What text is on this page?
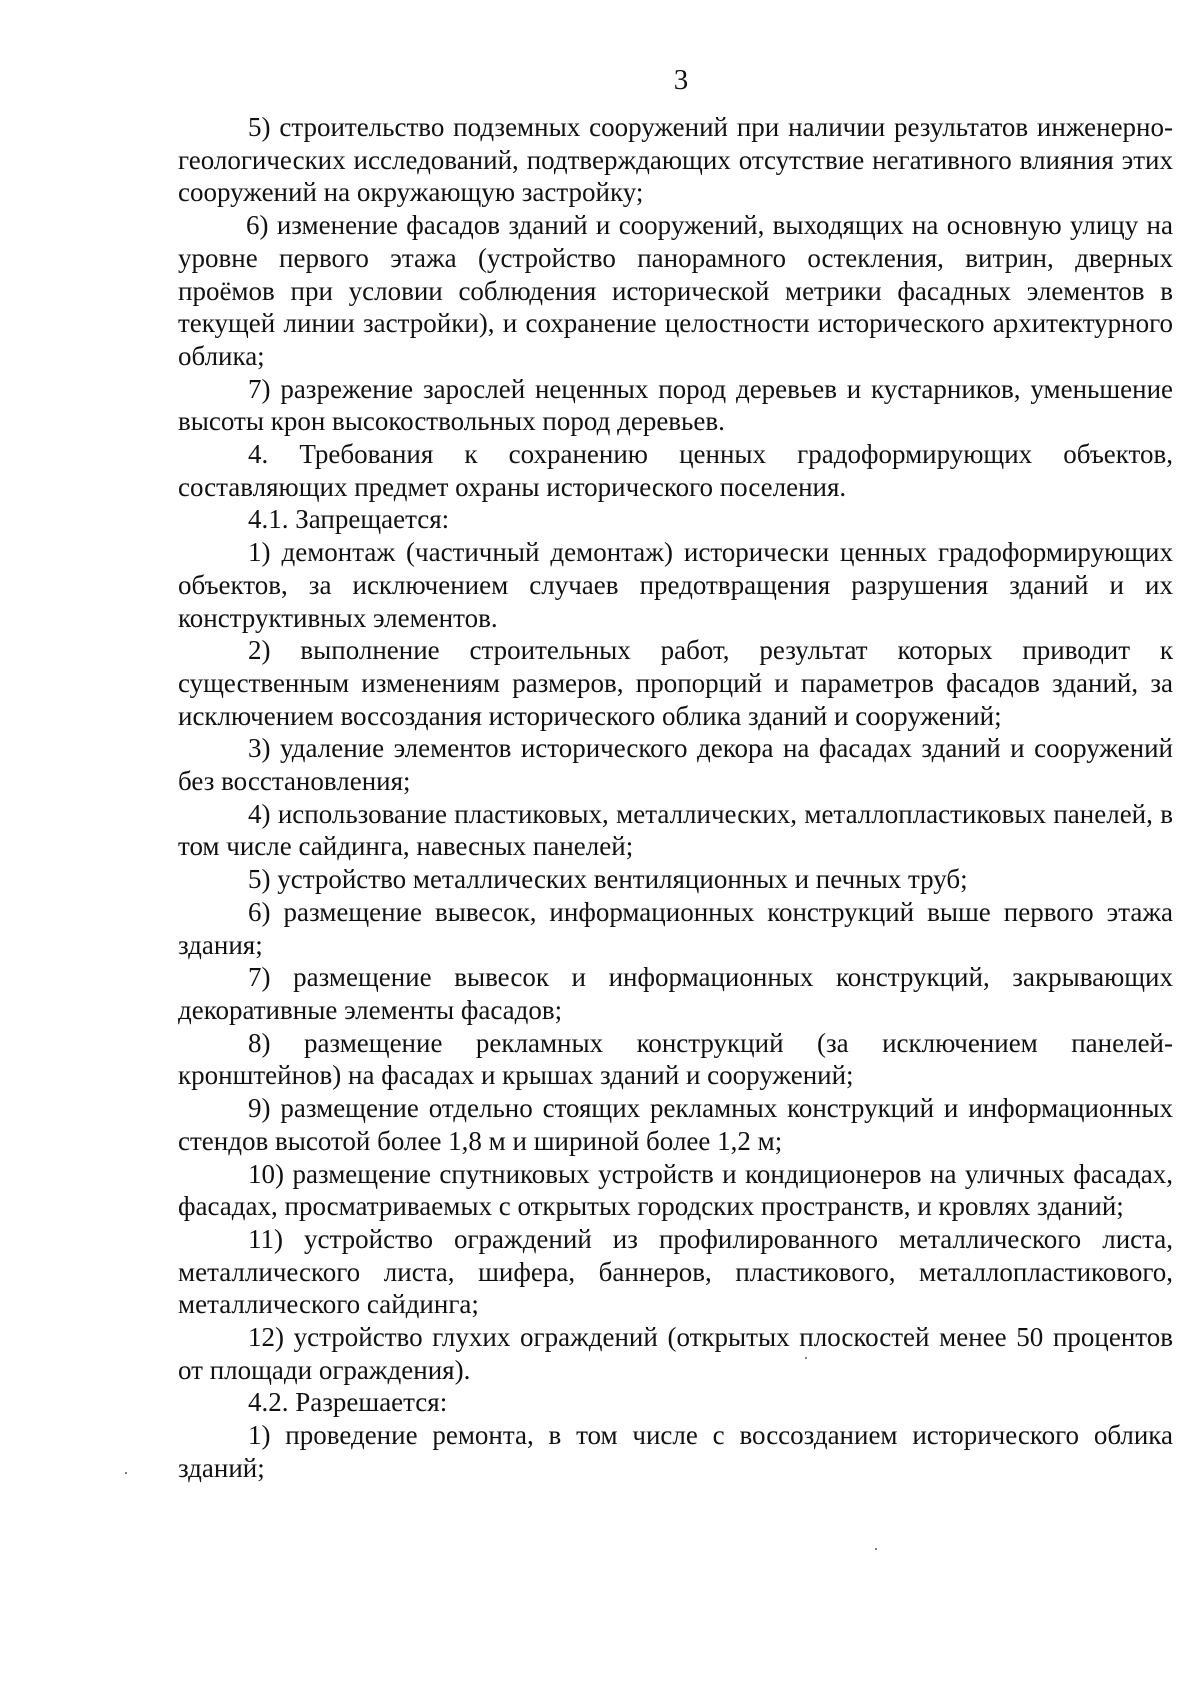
3

5) строительство подземных сооружений при наличии результатов инженерно-геологических исследований, подтверждающих отсутствие негативного влияния этих сооружений на окружающую застройку;

6) изменение фасадов зданий и сооружений, выходящих на основную улицу на уровне первого этажа (устройство панорамного остекления, витрин, дверных проёмов при условии соблюдения исторической метрики фасадных элементов в текущей линии застройки), и сохранение целостности исторического архитектурного облика;

7) разрежение зарослей неценных пород деревьев и кустарников, уменьшение высоты крон высокоствольных пород деревьев.

4. Требования к сохранению ценных градоформирующих объектов, составляющих предмет охраны исторического поселения.

4.1. Запрещается:

1) демонтаж (частичный демонтаж) исторически ценных градоформирующих объектов, за исключением случаев предотвращения разрушения зданий и их конструктивных элементов.

2) выполнение строительных работ, результат которых приводит к существенным изменениям размеров, пропорций и параметров фасадов зданий, за исключением воссоздания исторического облика зданий и сооружений;

3) удаление элементов исторического декора на фасадах зданий и сооружений без восстановления;

4) использование пластиковых, металлических, металлопластиковых панелей, в том числе сайдинга, навесных панелей;

5) устройство металлических вентиляционных и печных труб;

6) размещение вывесок, информационных конструкций выше первого этажа здания;

7) размещение вывесок и информационных конструкций, закрывающих декоративные элементы фасадов;

8) размещение рекламных конструкций (за исключением панелей-кронштейнов) на фасадах и крышах зданий и сооружений;

9) размещение отдельно стоящих рекламных конструкций и информационных стендов высотой более 1,8 м и шириной более 1,2 м;

10) размещение спутниковых устройств и кондиционеров на уличных фасадах, фасадах, просматриваемых с открытых городских пространств, и кровлях зданий;

11) устройство ограждений из профилированного металлического листа, металлического листа, шифера, баннеров, пластикового, металлопластикового, металлического сайдинга;

12) устройство глухих ограждений (открытых плоскостей менее 50 процентов от площади ограждения).

4.2. Разрешается:

1) проведение ремонта, в том числе с воссозданием исторического облика зданий;
